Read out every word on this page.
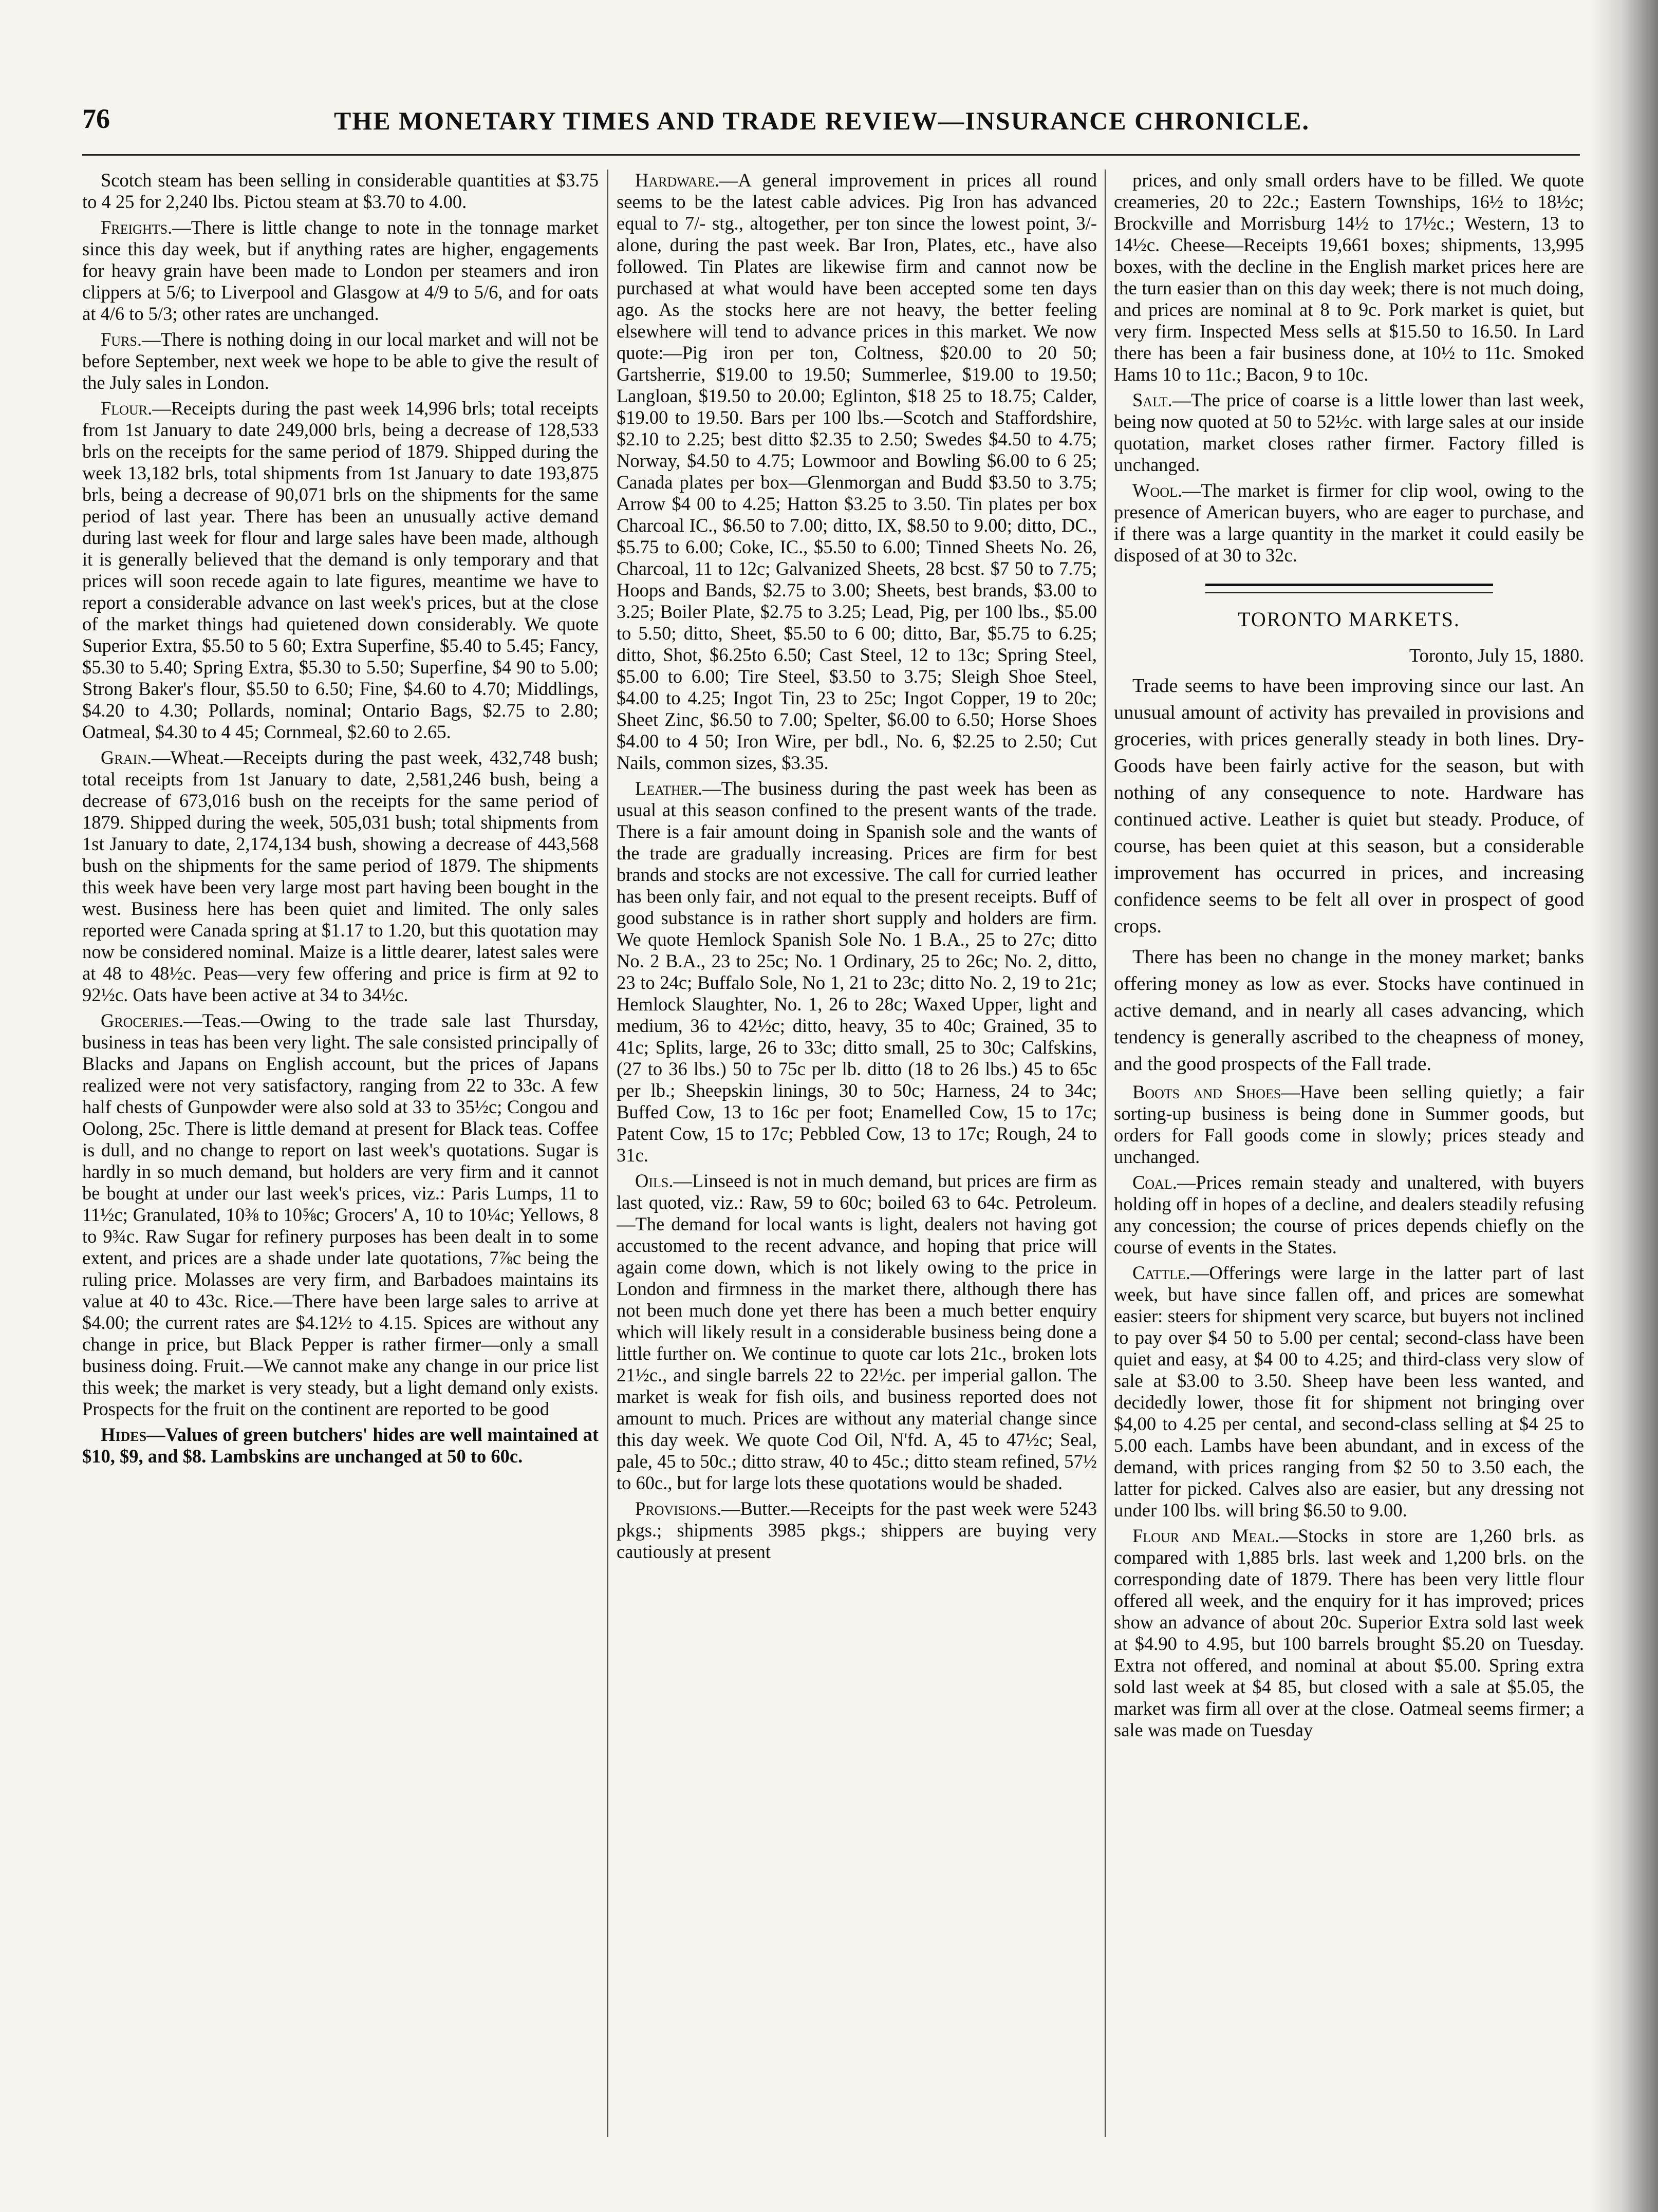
76	THE MONETARY TIMES AND TRADE REVIEW—INSURANCE CHRONICLE.

Scotch steam has been selling in considerable quantities at $3.75 to 4 25 for 2,240 lbs. Pictou steam at $3.70 to 4.00.

Freights.—There is little change to note in the tonnage market since this day week, but if anything rates are higher, engagements for heavy grain have been made to London per steamers and iron clippers at 5/6; to Liverpool and Glasgow at 4/9 to 5/6, and for oats at 4/6 to 5/3; other rates are unchanged.

Furs.—There is nothing doing in our local market and will not be before September, next week we hope to be able to give the result of the July sales in London.

Flour.—Receipts during the past week 14,996 brls; total receipts from 1st January to date 249,000 brls, being a decrease of 128,533 brls on the receipts for the same period of 1879. Shipped during the week 13,182 brls, total shipments from 1st January to date 193,875 brls, being a decrease of 90,071 brls on the shipments for the same period of last year. There has been an unusually active demand during last week for flour and large sales have been made, although it is generally believed that the demand is only temporary and that prices will soon recede again to late figures, meantime we have to report a considerable advance on last week's prices, but at the close of the market things had quietened down considerably. We quote Superior Extra, $5.50 to 5 60; Extra Superfine, $5.40 to 5.45; Fancy, $5.30 to 5.40; Spring Extra, $5.30 to 5.50; Superfine, $4 90 to 5.00; Strong Baker's flour, $5.50 to 6.50; Fine, $4.60 to 4.70; Middlings, $4.20 to 4.30; Pollards, nominal; Ontario Bags, $2.75 to 2.80; Oatmeal, $4.30 to 4 45; Cornmeal, $2.60 to 2.65.

Grain.—Wheat.—Receipts during the past week, 432,748 bush; total receipts from 1st January to date, 2,581,246 bush, being a decrease of 673,016 bush on the receipts for the same period of 1879. Shipped during the week, 505,031 bush; total shipments from 1st January to date, 2,174,134 bush, showing a decrease of 443,568 bush on the shipments for the same period of 1879. The shipments this week have been very large most part having been bought in the west. Business here has been quiet and limited. The only sales reported were Canada spring at $1.17 to 1.20, but this quotation may now be considered nominal. Maize is a little dearer, latest sales were at 48 to 48½c. Peas—very few offering and price is firm at 92 to 92½c. Oats have been active at 34 to 34½c.

Groceries.—Teas.—Owing to the trade sale last Thursday, business in teas has been very light. The sale consisted principally of Blacks and Japans on English account, but the prices of Japans realized were not very satisfactory, ranging from 22 to 33c. A few half chests of Gunpowder were also sold at 33 to 35½c; Congou and Oolong, 25c. There is little demand at present for Black teas. Coffee is dull, and no change to report on last week's quotations. Sugar is hardly in so much demand, but holders are very firm and it cannot be bought at under our last week's prices, viz.: Paris Lumps, 11 to 11½c; Granulated, 10⅜ to 10⅝c; Grocers' A, 10 to 10¼c; Yellows, 8 to 9¾c. Raw Sugar for refinery purposes has been dealt in to some extent, and prices are a shade under late quotations, 7⅞c being the ruling price. Molasses are very firm, and Barbadoes maintains its value at 40 to 43c. Rice.—There have been large sales to arrive at $4.00; the current rates are $4.12½ to 4.15. Spices are without any change in price, but Black Pepper is rather firmer—only a small business doing. Fruit.—We cannot make any change in our price list this week; the market is very steady, but a light demand only exists. Prospects for the fruit on the continent are reported to be good

Hides—Values of green butchers' hides are well maintained at $10, $9, and $8. Lambskins are unchanged at 50 to 60c.

Hardware.—A general improvement in prices all round seems to be the latest cable advices. Pig Iron has advanced equal to 7/- stg., altogether, per ton since the lowest point, 3/- alone, during the past week. Bar Iron, Plates, etc., have also followed. Tin Plates are likewise firm and cannot now be purchased at what would have been accepted some ten days ago. As the stocks here are not heavy, the better feeling elsewhere will tend to advance prices in this market. We now quote:—Pig iron per ton, Coltness, $20.00 to 20 50; Gartsherrie, $19.00 to 19.50; Summerlee, $19.00 to 19.50; Langloan, $19.50 to 20.00; Eglinton, $18 25 to 18.75; Calder, $19.00 to 19.50. Bars per 100 lbs.—Scotch and Staffordshire, $2.10 to 2.25; best ditto $2.35 to 2.50; Swedes $4.50 to 4.75; Norway, $4.50 to 4.75; Lowmoor and Bowling $6.00 to 6 25; Canada plates per box—Glenmorgan and Budd $3.50 to 3.75; Arrow $4 00 to 4.25; Hatton $3.25 to 3.50. Tin plates per box Charcoal IC., $6.50 to 7.00; ditto, IX, $8.50 to 9.00; ditto, DC., $5.75 to 6.00; Coke, IC., $5.50 to 6.00; Tinned Sheets No. 26, Charcoal, 11 to 12c; Galvanized Sheets, 28 bcst. $7 50 to 7.75; Hoops and Bands, $2.75 to 3.00; Sheets, best brands, $3.00 to 3.25; Boiler Plate, $2.75 to 3.25; Lead, Pig, per 100 lbs., $5.00 to 5.50; ditto, Sheet, $5.50 to 6 00; ditto, Bar, $5.75 to 6.25; ditto, Shot, $6.25to 6.50; Cast Steel, 12 to 13c; Spring Steel, $5.00 to 6.00; Tire Steel, $3.50 to 3.75; Sleigh Shoe Steel, $4.00 to 4.25; Ingot Tin, 23 to 25c; Ingot Copper, 19 to 20c; Sheet Zinc, $6.50 to 7.00; Spelter, $6.00 to 6.50; Horse Shoes $4.00 to 4 50; Iron Wire, per bdl., No. 6, $2.25 to 2.50; Cut Nails, common sizes, $3.35.

Leather.—The business during the past week has been as usual at this season confined to the present wants of the trade. There is a fair amount doing in Spanish sole and the wants of the trade are gradually increasing. Prices are firm for best brands and stocks are not excessive. The call for curried leather has been only fair, and not equal to the present receipts. Buff of good substance is in rather short supply and holders are firm. We quote Hemlock Spanish Sole No. 1 B.A., 25 to 27c; ditto No. 2 B.A., 23 to 25c; No. 1 Ordinary, 25 to 26c; No. 2, ditto, 23 to 24c; Buffalo Sole, No 1, 21 to 23c; ditto No. 2, 19 to 21c; Hemlock Slaughter, No. 1, 26 to 28c; Waxed Upper, light and medium, 36 to 42½c; ditto, heavy, 35 to 40c; Grained, 35 to 41c; Splits, large, 26 to 33c; ditto small, 25 to 30c; Calfskins, (27 to 36 lbs.) 50 to 75c per lb. ditto (18 to 26 lbs.) 45 to 65c per lb.; Sheepskin linings, 30 to 50c; Harness, 24 to 34c; Buffed Cow, 13 to 16c per foot; Enamelled Cow, 15 to 17c; Patent Cow, 15 to 17c; Pebbled Cow, 13 to 17c; Rough, 24 to 31c.

Oils.—Linseed is not in much demand, but prices are firm as last quoted, viz.: Raw, 59 to 60c; boiled 63 to 64c. Petroleum.—The demand for local wants is light, dealers not having got accustomed to the recent advance, and hoping that price will again come down, which is not likely owing to the price in London and firmness in the market there, although there has not been much done yet there has been a much better enquiry which will likely result in a considerable business being done a little further on. We continue to quote car lots 21c., broken lots 21½c., and single barrels 22 to 22½c. per imperial gallon. The market is weak for fish oils, and business reported does not amount to much. Prices are without any material change since this day week. We quote Cod Oil, N'fd. A, 45 to 47½c; Seal, pale, 45 to 50c.; ditto straw, 40 to 45c.; ditto steam refined, 57½ to 60c., but for large lots these quotations would be shaded.

Provisions.—Butter.—Receipts for the past week were 5243 pkgs.; shipments 3985 pkgs.; shippers are buying very cautiously at present

prices, and only small orders have to be filled. We quote creameries, 20 to 22c.; Eastern Townships, 16½ to 18½c; Brockville and Morrisburg 14½ to 17½c.; Western, 13 to 14½c. Cheese—Receipts 19,661 boxes; shipments, 13,995 boxes, with the decline in the English market prices here are the turn easier than on this day week; there is not much doing, and prices are nominal at 8 to 9c. Pork market is quiet, but very firm. Inspected Mess sells at $15.50 to 16.50. In Lard there has been a fair business done, at 10½ to 11c. Smoked Hams 10 to 11c.; Bacon, 9 to 10c.

Salt.—The price of coarse is a little lower than last week, being now quoted at 50 to 52½c. with large sales at our inside quotation, market closes rather firmer. Factory filled is unchanged.

Wool.—The market is firmer for clip wool, owing to the presence of American buyers, who are eager to purchase, and if there was a large quantity in the market it could easily be disposed of at 30 to 32c.

TORONTO MARKETS.

Toronto, July 15, 1880.

Trade seems to have been improving since our last. An unusual amount of activity has prevailed in provisions and groceries, with prices generally steady in both lines. Dry-Goods have been fairly active for the season, but with nothing of any consequence to note. Hardware has continued active. Leather is quiet but steady. Produce, of course, has been quiet at this season, but a considerable improvement has occurred in prices, and increasing confidence seems to be felt all over in prospect of good crops.

There has been no change in the money market; banks offering money as low as ever. Stocks have continued in active demand, and in nearly all cases advancing, which tendency is generally ascribed to the cheapness of money, and the good prospects of the Fall trade.

Boots and Shoes—Have been selling quietly; a fair sorting-up business is being done in Summer goods, but orders for Fall goods come in slowly; prices steady and unchanged.

Coal.—Prices remain steady and unaltered, with buyers holding off in hopes of a decline, and dealers steadily refusing any concession; the course of prices depends chiefly on the course of events in the States.

Cattle.—Offerings were large in the latter part of last week, but have since fallen off, and prices are somewhat easier: steers for shipment very scarce, but buyers not inclined to pay over $4 50 to 5.00 per cental; second-class have been quiet and easy, at $4 00 to 4.25; and third-class very slow of sale at $3.00 to 3.50. Sheep have been less wanted, and decidedly lower, those fit for shipment not bringing over $4,00 to 4.25 per cental, and second-class selling at $4 25 to 5.00 each. Lambs have been abundant, and in excess of the demand, with prices ranging from $2 50 to 3.50 each, the latter for picked. Calves also are easier, but any dressing not under 100 lbs. will bring $6.50 to 9.00.

Flour and Meal.—Stocks in store are 1,260 brls. as compared with 1,885 brls. last week and 1,200 brls. on the corresponding date of 1879. There has been very little flour offered all week, and the enquiry for it has improved; prices show an advance of about 20c. Superior Extra sold last week at $4.90 to 4.95, but 100 barrels brought $5.20 on Tuesday. Extra not offered, and nominal at about $5.00. Spring extra sold last week at $4 85, but closed with a sale at $5.05, the market was firm all over at the close. Oatmeal seems firmer; a sale was made on Tuesday
